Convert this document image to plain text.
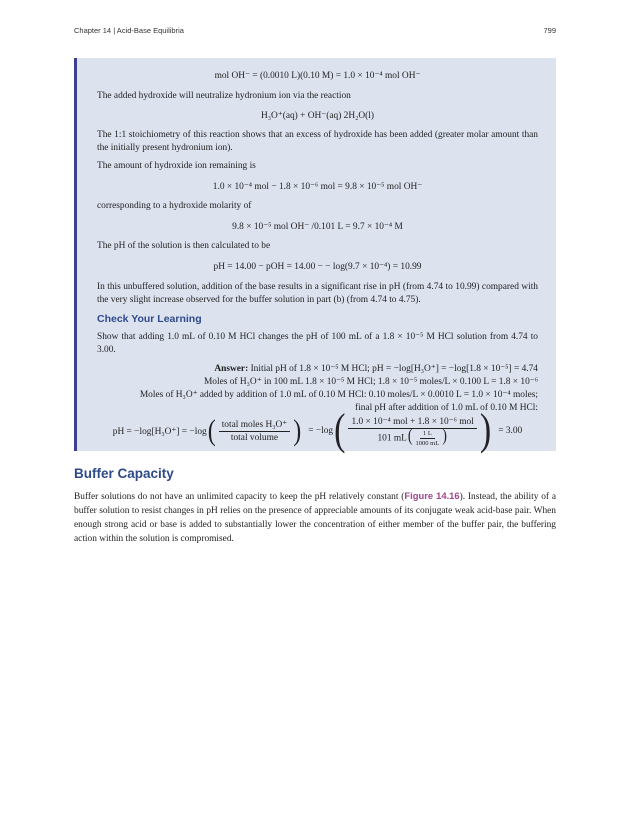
Chapter 14 | Acid-Base Equilibria	799
mol OH⁻ = (0.0010 L)(0.10 M) = 1.0 × 10⁻⁴ mol OH⁻

The added hydroxide will neutralize hydronium ion via the reaction

H₃O⁺(aq) + OH⁻(aq) 2H₂O(l)

The 1:1 stoichiometry of this reaction shows that an excess of hydroxide has been added (greater molar amount than the initially present hydronium ion).

The amount of hydroxide ion remaining is

1.0 × 10⁻⁴ mol − 1.8 × 10⁻⁶ mol = 9.8 × 10⁻⁵ mol OH⁻

corresponding to a hydroxide molarity of

9.8 × 10⁻⁵ mol OH⁻ /0.101 L = 9.7 × 10⁻⁴ M

The pH of the solution is then calculated to be

pH = 14.00 − pOH = 14.00 − − log(9.7 × 10⁻⁴) = 10.99

In this unbuffered solution, addition of the base results in a significant rise in pH (from 4.74 to 10.99) compared with the very slight increase observed for the buffer solution in part (b) (from 4.74 to 4.75).

Check Your Learning

Show that adding 1.0 mL of 0.10 M HCl changes the pH of 100 mL of a 1.8 × 10⁻⁵ M HCl solution from 4.74 to 3.00.

Answer: Initial pH of 1.8 × 10⁻⁵ M HCl; pH = −log[H₃O⁺] = −log[1.8 × 10⁻⁵] = 4.74
Moles of H₃O⁺ in 100 mL 1.8 × 10⁻⁵ M HCl; 1.8 × 10⁻⁵ moles/L × 0.100 L = 1.8 × 10⁻⁶
Moles of H₃O⁺ added by addition of 1.0 mL of 0.10 M HCl: 0.10 moles/L × 0.0010 L = 1.0 × 10⁻⁴ moles;
final pH after addition of 1.0 mL of 0.10 M HCl:
pH = −log[H₃O⁺] = −log ( $\frac{\text{total moles H₃O⁺}}{\text{total volume}}$ ) = −log ( $\frac{\text{1.0 × 10⁻⁴ mol + 1.8 × 10⁻⁶ mol}}{101 mL( \frac{1 L}{1000 mL} )}$ ) = 3.00
Buffer Capacity
Buffer solutions do not have an unlimited capacity to keep the pH relatively constant (Figure 14.16). Instead, the ability of a buffer solution to resist changes in pH relies on the presence of appreciable amounts of its conjugate weak acid-base pair. When enough strong acid or base is added to substantially lower the concentration of either member of the buffer pair, the buffering action within the solution is compromised.
